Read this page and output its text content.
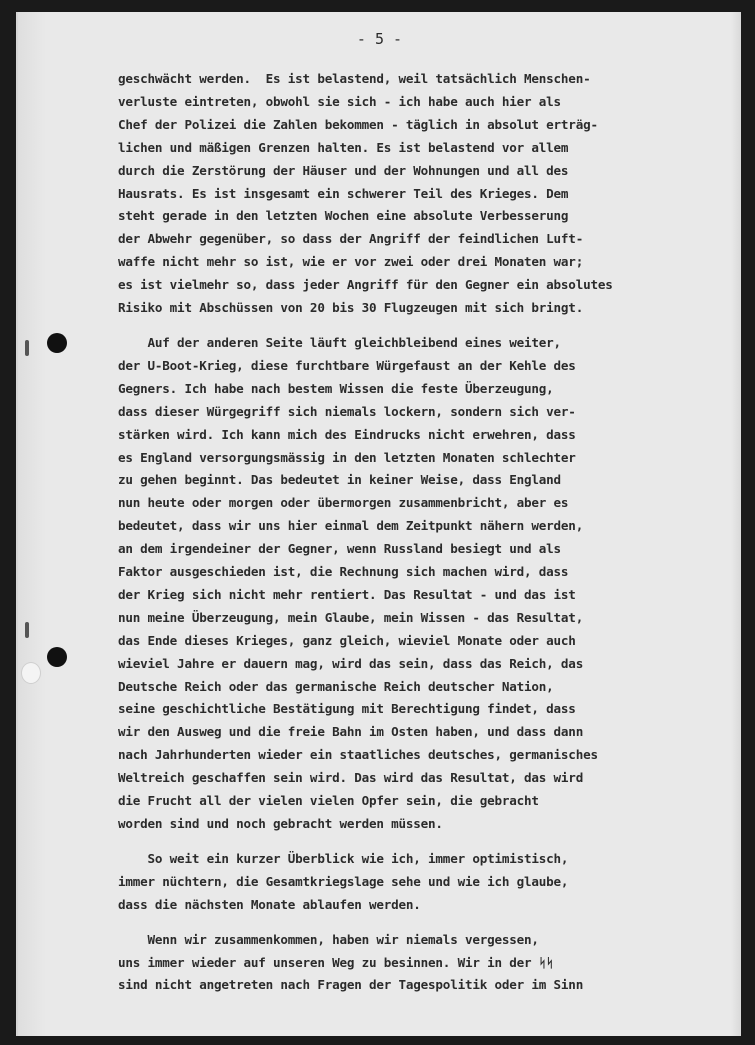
- 5 -
geschwächt werden.  Es ist belastend, weil tatsächlich Menschen-
verluste eintreten, obwohl sie sich - ich habe auch hier als
Chef der Polizei die Zahlen bekommen - täglich in absolut erträg-
lichen und mäßigen Grenzen halten. Es ist belastend vor allem
durch die Zerstörung der Häuser und der Wohnungen und all des
Hausrats. Es ist insgesamt ein schwerer Teil des Krieges. Dem
steht gerade in den letzten Wochen eine absolute Verbesserung
der Abwehr gegenüber, so dass der Angriff der feindlichen Luft-
waffe nicht mehr so ist, wie er vor zwei oder drei Monaten war;
es ist vielmehr so, dass jeder Angriff für den Gegner ein absolutes
Risiko mit Abschüssen von 20 bis 30 Flugzeugen mit sich bringt.
Auf der anderen Seite läuft gleichbleibend eines weiter,
der U-Boot-Krieg, diese furchtbare Würgefaust an der Kehle des
Gegners. Ich habe nach bestem Wissen die feste Überzeugung,
dass dieser Würgegriff sich niemals lockern, sondern sich ver-
stärken wird. Ich kann mich des Eindrucks nicht erwehren, dass
es England versorgungsmässig in den letzten Monaten schlechter
zu gehen beginnt. Das bedeutet in keiner Weise, dass England
nun heute oder morgen oder übermorgen zusammenbricht, aber es
bedeutet, dass wir uns hier einmal dem Zeitpunkt nähern werden,
an dem irgendeiner der Gegner, wenn Russland besiegt und als
Faktor ausgeschieden ist, die Rechnung sich machen wird, dass
der Krieg sich nicht mehr rentiert. Das Resultat - und das ist
nun meine Überzeugung, mein Glaube, mein Wissen - das Resultat,
das Ende dieses Krieges, ganz gleich, wieviel Monate oder auch
wieviel Jahre er dauern mag, wird das sein, dass das Reich, das
Deutsche Reich oder das germanische Reich deutscher Nation,
seine geschichtliche Bestätigung mit Berechtigung findet, dass
wir den Ausweg und die freie Bahn im Osten haben, und dass dann
nach Jahrhunderten wieder ein staatliches deutsches, germanisches
Weltreich geschaffen sein wird. Das wird das Resultat, das wird
die Frucht all der vielen vielen Opfer sein, die gebracht
worden sind und noch gebracht werden müssen.
So weit ein kurzer Überblick wie ich, immer optimistisch,
immer nüchtern, die Gesamtkriegslage sehe und wie ich glaube,
dass die nächsten Monate ablaufen werden.
Wenn wir zusammenkommen, haben wir niemals vergessen,
uns immer wieder auf unseren Weg zu besinnen. Wir in der ᛋᛋ
sind nicht angetreten nach Fragen der Tagespolitik oder im Sinn
